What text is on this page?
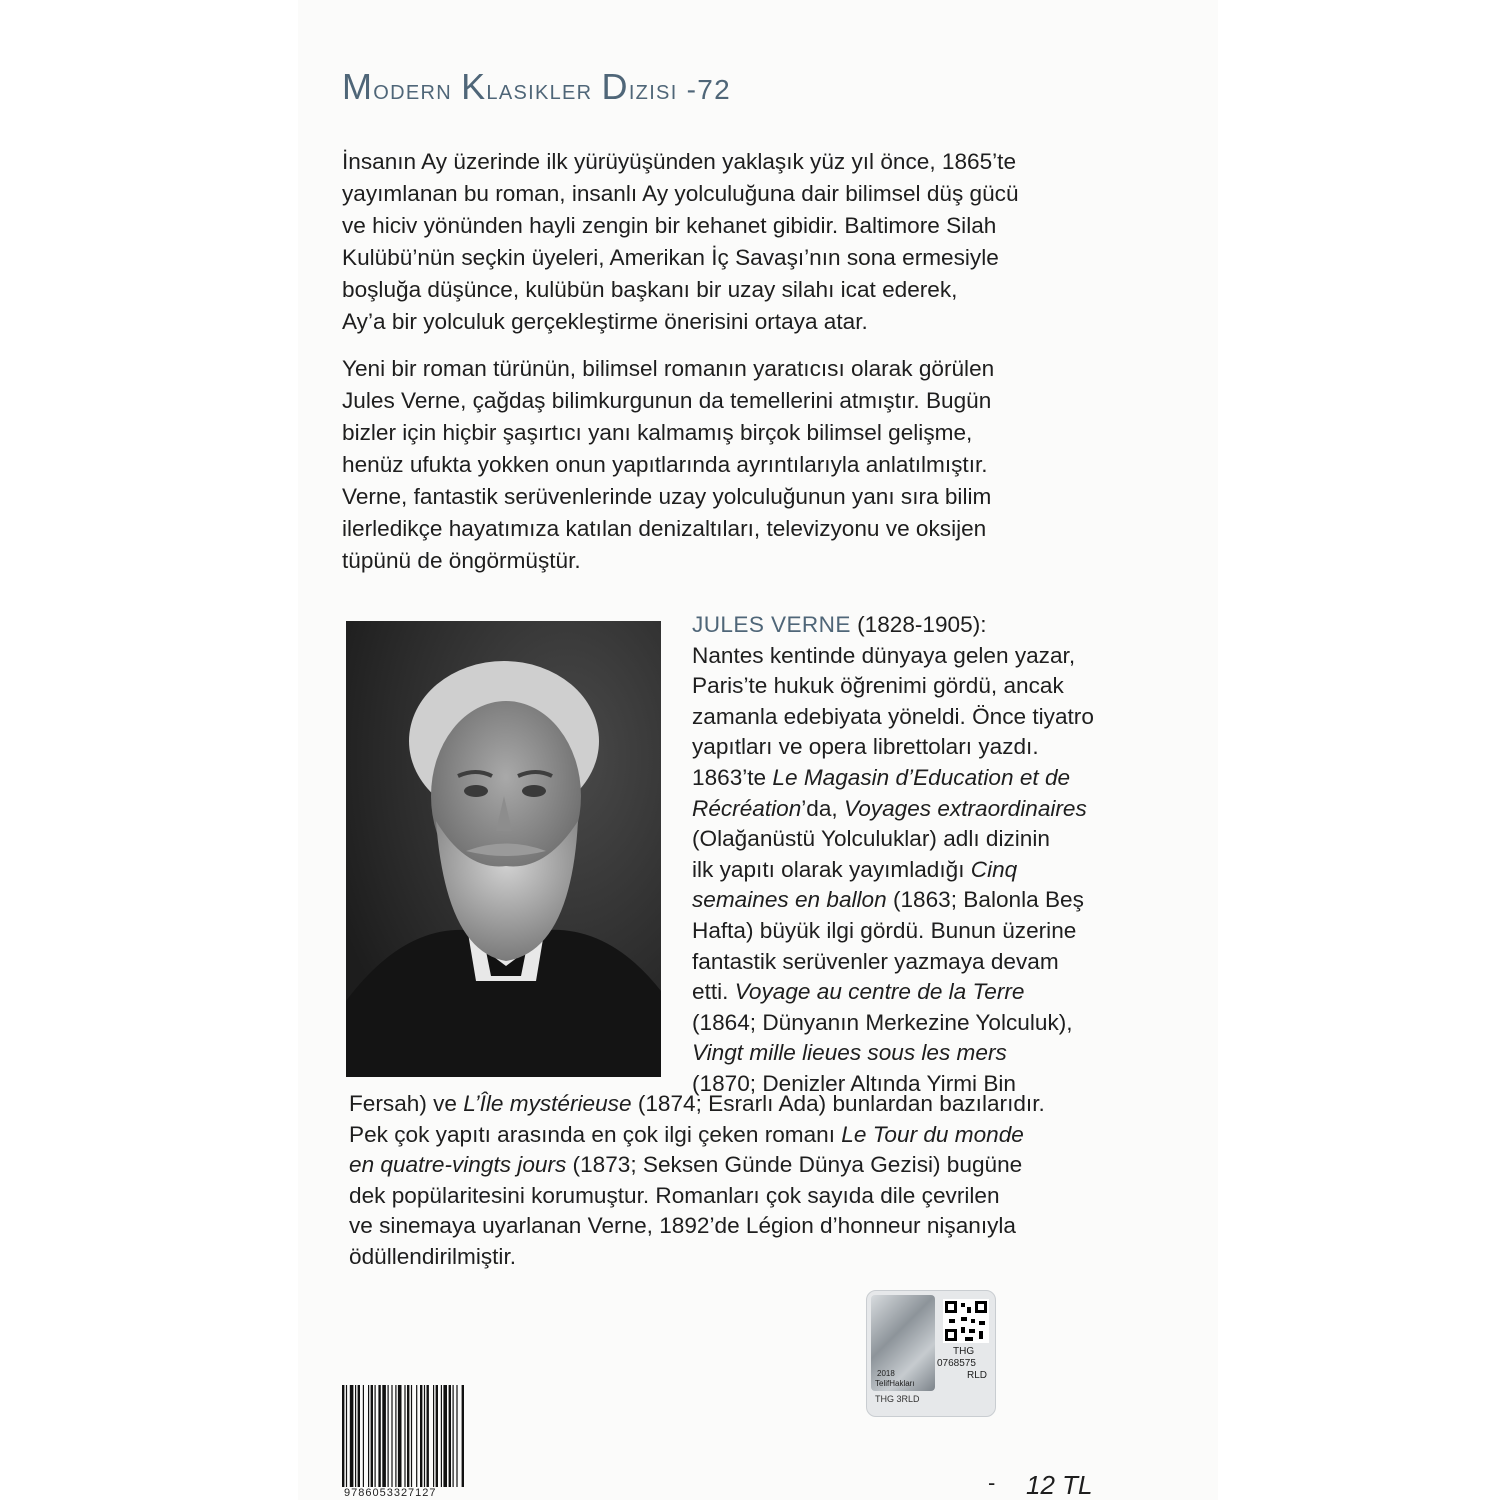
Modern Klasikler Dizisi -72

İnsanın Ay üzerinde ilk yürüyüşünden yaklaşık yüz yıl önce, 1865’te
yayımlanan bu roman, insanlı Ay yolculuğuna dair bilimsel düş gücü
ve hiciv yönünden hayli zengin bir kehanet gibidir. Baltimore Silah
Kulübü’nün seçkin üyeleri, Amerikan İç Savaşı’nın sona ermesiyle
boşluğa düşünce, kulübün başkanı bir uzay silahı icat ederek,
Ay’a bir yolculuk gerçekleştirme önerisini ortaya atar.

Yeni bir roman türünün, bilimsel romanın yaratıcısı olarak görülen
Jules Verne, çağdaş bilimkurgunun da temellerini atmıştır. Bugün
bizler için hiçbir şaşırtıcı yanı kalmamış birçok bilimsel gelişme,
henüz ufukta yokken onun yapıtlarında ayrıntılarıyla anlatılmıştır.
Verne, fantastik serüvenlerinde uzay yolculuğunun yanı sıra bilim
ilerledikçe hayatımıza katılan denizaltıları, televizyonu ve oksijen
tüpünü de öngörmüştür.

JULES VERNE (1828-1905):
Nantes kentinde dünyaya gelen yazar,
Paris’te hukuk öğrenimi gördü, ancak
zamanla edebiyata yöneldi. Önce tiyatro
yapıtları ve opera librettoları yazdı.
1863’te Le Magasin d’Education et de
Récréation’da, Voyages extraordinaires
(Olağanüstü Yolculuklar) adlı dizinin
ilk yapıtı olarak yayımladığı Cinq
semaines en ballon (1863; Balonla Beş
Hafta) büyük ilgi gördü. Bunun üzerine
fantastik serüvenler yazmaya devam
etti. Voyage au centre de la Terre
(1864; Dünyanın Merkezine Yolculuk),
Vingt mille lieues sous les mers
(1870; Denizler Altında Yirmi Bin

Fersah) ve L’Île mystérieuse (1874; Esrarlı Ada) bunlardan bazılarıdır.
Pek çok yapıtı arasında en çok ilgi çeken romanı Le Tour du monde
en quatre-vingts jours (1873; Seksen Günde Dünya Gezisi) bugüne
dek popülaritesini korumuştur. Romanları çok sayıda dile çevrilen
ve sinemaya uyarlanan Verne, 1892’de Légion d’honneur nişanıyla
ödüllendirilmiştir.

2018
TelifHakları
THG
0768575
RLD
THG 3RLD
9786053327127	- 12 TL
